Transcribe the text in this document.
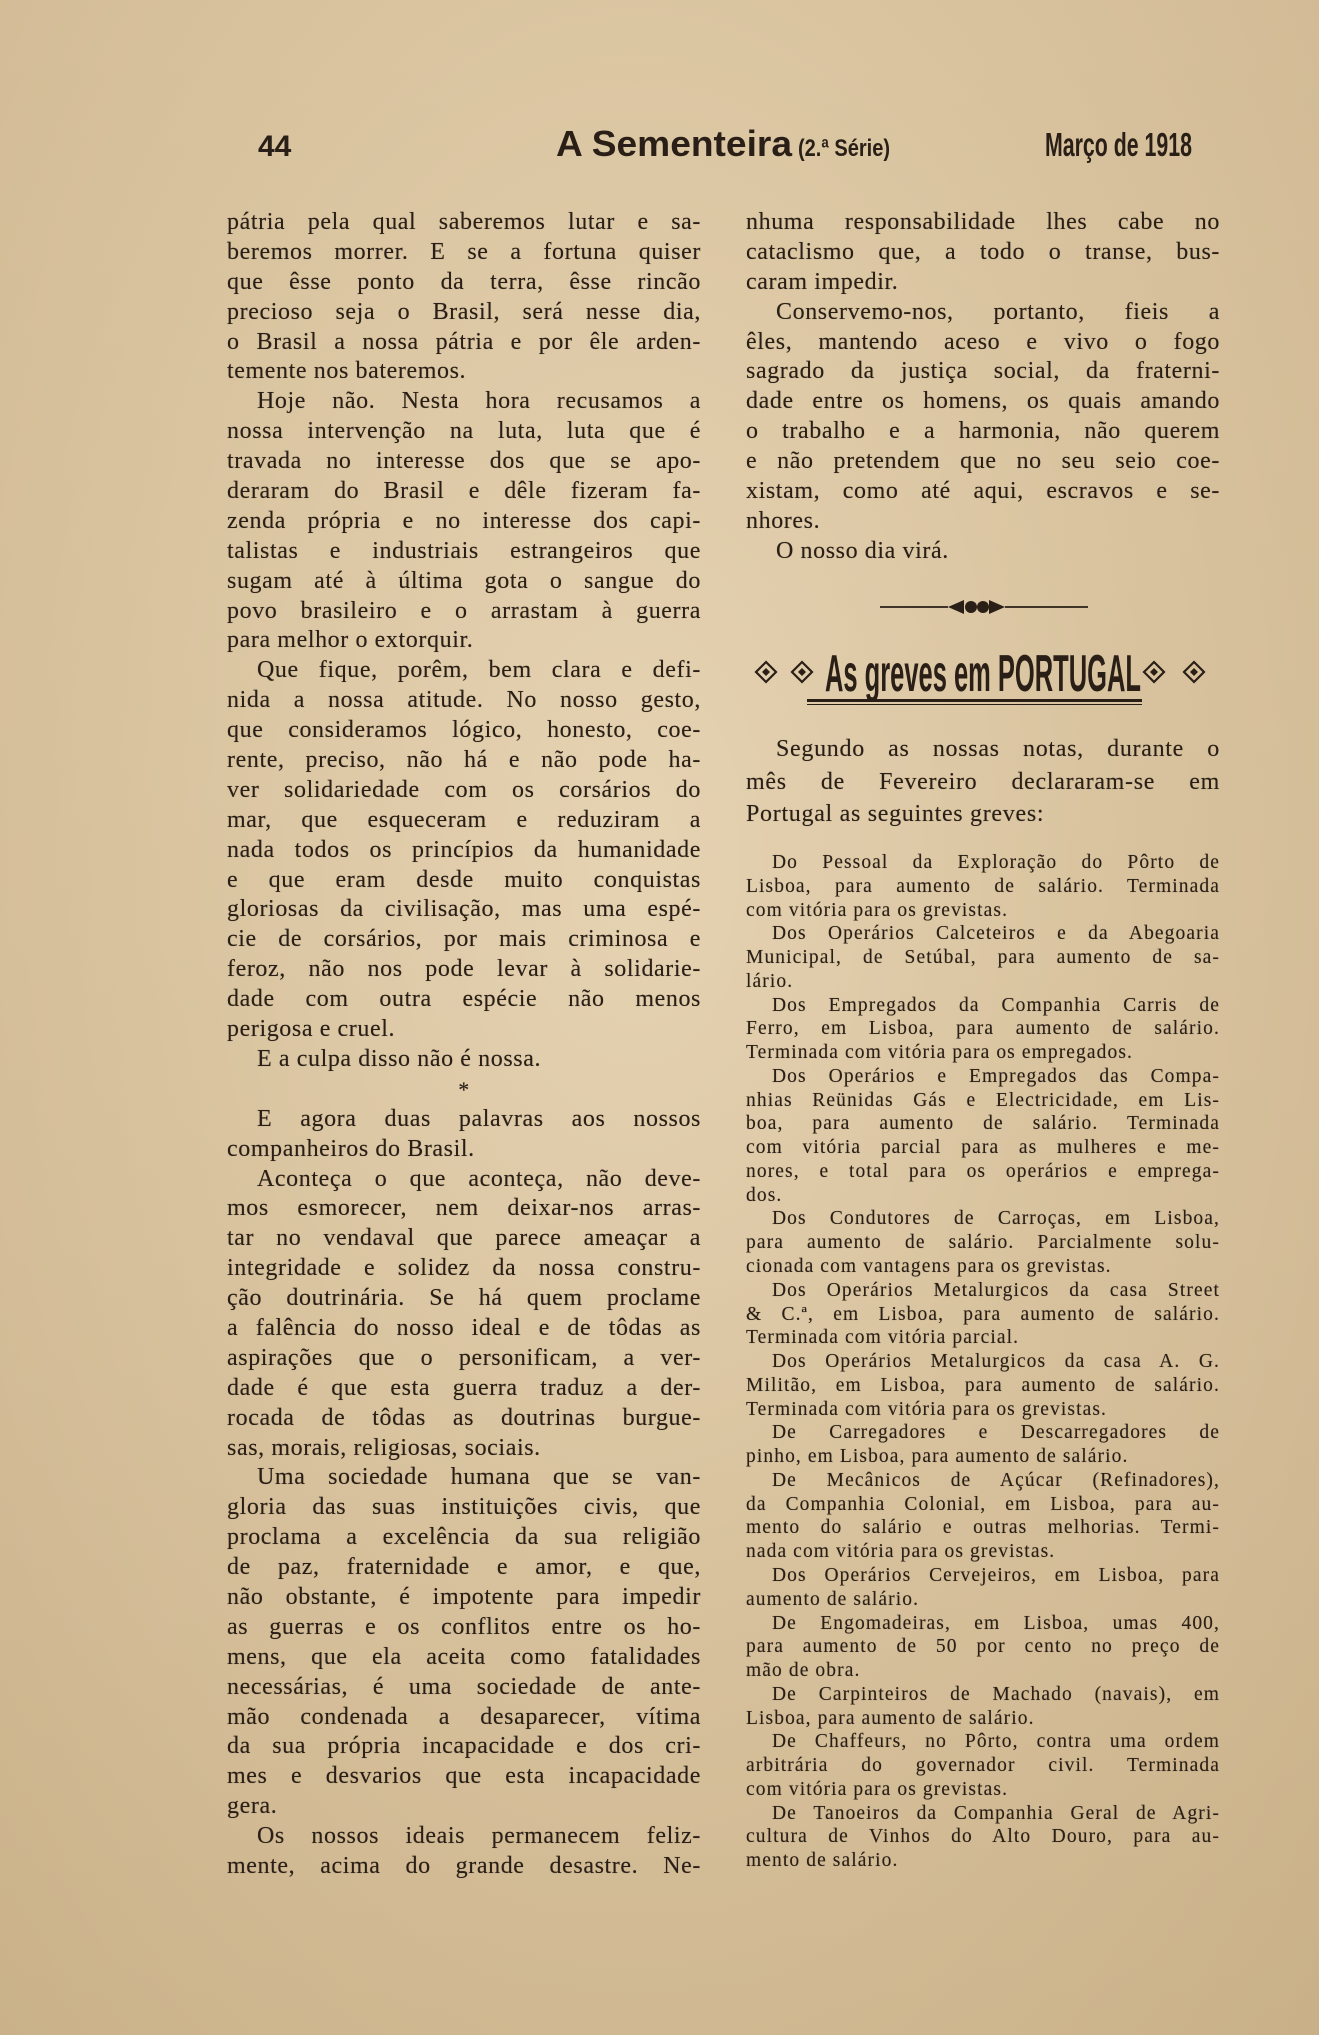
44	A Sementeira (2.ª Série)	Março de 1918
pátria pela qual saberemos lutar e sa-
beremos morrer. E se a fortuna quiser
que êsse ponto da terra, êsse rincão
precioso seja o Brasil, será nesse dia,
o Brasil a nossa pátria e por êle arden-
temente nos bateremos.
Hoje não. Nesta hora recusamos a
nossa intervenção na luta, luta que é
travada no interesse dos que se apo-
deraram do Brasil e dêle fizeram fa-
zenda própria e no interesse dos capi-
talistas e industriais estrangeiros que
sugam até à última gota o sangue do
povo brasileiro e o arrastam à guerra
para melhor o extorquir.
Que fique, porêm, bem clara e defi-
nida a nossa atitude. No nosso gesto,
que consideramos lógico, honesto, coe-
rente, preciso, não há e não pode ha-
ver solidariedade com os corsários do
mar, que esqueceram e reduziram a
nada todos os princípios da humanidade
e que eram desde muito conquistas
gloriosas da civilisação, mas uma espé-
cie de corsários, por mais criminosa e
feroz, não nos pode levar à solidarie-
dade com outra espécie não menos
perigosa e cruel.
E a culpa disso não é nossa.
*
E agora duas palavras aos nossos
companheiros do Brasil.
Aconteça o que aconteça, não deve-
mos esmorecer, nem deixar-nos arras-
tar no vendaval que parece ameaçar a
integridade e solidez da nossa constru-
ção doutrinária. Se há quem proclame
a falência do nosso ideal e de tôdas as
aspirações que o personificam, a ver-
dade é que esta guerra traduz a der-
rocada de tôdas as doutrinas burgue-
sas, morais, religiosas, sociais.
Uma sociedade humana que se van-
gloria das suas instituições civis, que
proclama a excelência da sua religião
de paz, fraternidade e amor, e que,
não obstante, é impotente para impedir
as guerras e os conflitos entre os ho-
mens, que ela aceita como fatalidades
necessárias, é uma sociedade de ante-
mão condenada a desaparecer, vítima
da sua própria incapacidade e dos cri-
mes e desvarios que esta incapacidade
gera.
Os nossos ideais permanecem feliz-
mente, acima do grande desastre. Ne-
nhuma responsabilidade lhes cabe no
cataclismo que, a todo o transe, bus-
caram impedir.
Conservemo-nos, portanto, fieis a
êles, mantendo aceso e vivo o fogo
sagrado da justiça social, da fraterni-
dade entre os homens, os quais amando
o trabalho e a harmonia, não querem
e não pretendem que no seu seio coe-
xistam, como até aqui, escravos e se-
nhores.
O nosso dia virá.
As greves em PORTUGAL
Segundo as nossas notas, durante o
mês de Fevereiro declararam-se em
Portugal as seguintes greves:
Do Pessoal da Exploração do Pôrto de
Lisboa, para aumento de salário. Terminada
com vitória para os grevistas.
Dos Operários Calceteiros e da Abegoaria
Municipal, de Setúbal, para aumento de sa-
lário.
Dos Empregados da Companhia Carris de
Ferro, em Lisboa, para aumento de salário.
Terminada com vitória para os empregados.
Dos Operários e Empregados das Compa-
nhias Reünidas Gás e Electricidade, em Lis-
boa, para aumento de salário. Terminada
com vitória parcial para as mulheres e me-
nores, e total para os operários e emprega-
dos.
Dos Condutores de Carroças, em Lisboa,
para aumento de salário. Parcialmente solu-
cionada com vantagens para os grevistas.
Dos Operários Metalurgicos da casa Street
& C.ª, em Lisboa, para aumento de salário.
Terminada com vitória parcial.
Dos Operários Metalurgicos da casa A. G.
Militão, em Lisboa, para aumento de salário.
Terminada com vitória para os grevistas.
De Carregadores e Descarregadores de
pinho, em Lisboa, para aumento de salário.
De Mecânicos de Açúcar (Refinadores),
da Companhia Colonial, em Lisboa, para au-
mento do salário e outras melhorias. Termi-
nada com vitória para os grevistas.
Dos Operários Cervejeiros, em Lisboa, para
aumento de salário.
De Engomadeiras, em Lisboa, umas 400,
para aumento de 50 por cento no preço de
mão de obra.
De Carpinteiros de Machado (navais), em
Lisboa, para aumento de salário.
De Chaffeurs, no Pôrto, contra uma ordem
arbitrária do governador civil. Terminada
com vitória para os grevistas.
De Tanoeiros da Companhia Geral de Agri-
cultura de Vinhos do Alto Douro, para au-
mento de salário.
